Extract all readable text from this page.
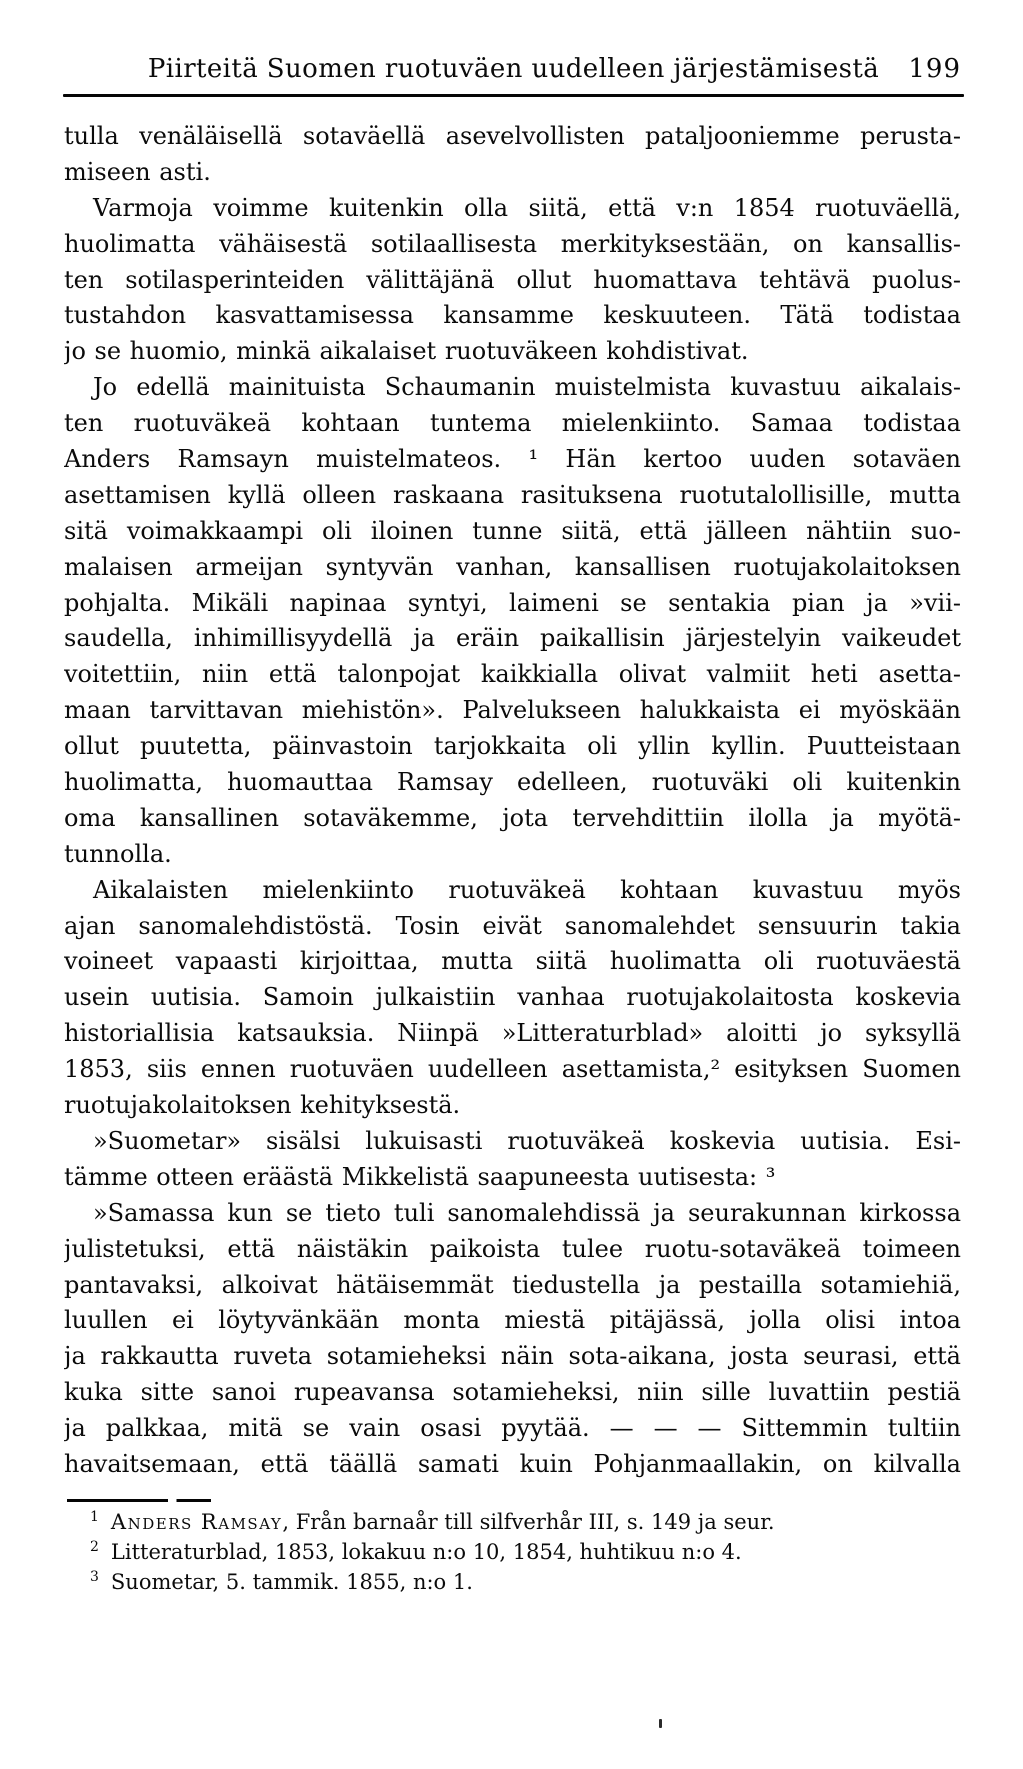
Piirteitä Suomen ruotuväen uudelleen järjestämisestä 199
tulla venäläisellä sotaväellä asevelvollisten pataljooniemme perusta-
miseen asti.
Varmoja voimme kuitenkin olla siitä, että v:n 1854 ruotuväellä,
huolimatta vähäisestä sotilaallisesta merkityksestään, on kansallis-
ten sotilasperinteiden välittäjänä ollut huomattava tehtävä puolus-
tustahdon kasvattamisessa kansamme keskuuteen. Tätä todistaa
jo se huomio, minkä aikalaiset ruotuväkeen kohdistivat.
Jo edellä mainituista Schaumanin muistelmista kuvastuu aikalais-
ten ruotuväkeä kohtaan tuntema mielenkiinto. Samaa todistaa
Anders Ramsayn muistelmateos. ¹ Hän kertoo uuden sotaväen
asettamisen kyllä olleen raskaana rasituksena ruotutalollisille, mutta
sitä voimakkaampi oli iloinen tunne siitä, että jälleen nähtiin suo-
malaisen armeijan syntyvän vanhan, kansallisen ruotujakolaitoksen
pohjalta. Mikäli napinaa syntyi, laimeni se sentakia pian ja »vii-
saudella, inhimillisyydellä ja eräin paikallisin järjestelyin vaikeudet
voitettiin, niin että talonpojat kaikkialla olivat valmiit heti asetta-
maan tarvittavan miehistön». Palvelukseen halukkaista ei myöskään
ollut puutetta, päinvastoin tarjokkaita oli yllin kyllin. Puutteistaan
huolimatta, huomauttaa Ramsay edelleen, ruotuväki oli kuitenkin
oma kansallinen sotaväkemme, jota tervehdittiin ilolla ja myötä-
tunnolla.
Aikalaisten mielenkiinto ruotuväkeä kohtaan kuvastuu myös
ajan sanomalehdistöstä. Tosin eivät sanomalehdet sensuurin takia
voineet vapaasti kirjoittaa, mutta siitä huolimatta oli ruotuväestä
usein uutisia. Samoin julkaistiin vanhaa ruotujakolaitosta koskevia
historiallisia katsauksia. Niinpä »Litteraturblad» aloitti jo syksyllä
1853, siis ennen ruotuväen uudelleen asettamista,² esityksen Suomen
ruotujakolaitoksen kehityksestä.
»Suometar» sisälsi lukuisasti ruotuväkeä koskevia uutisia. Esi-
tämme otteen eräästä Mikkelistä saapuneesta uutisesta: ³
»Samassa kun se tieto tuli sanomalehdissä ja seurakunnan kirkossa
julistetuksi, että näistäkin paikoista tulee ruotu-sotaväkeä toimeen
pantavaksi, alkoivat hätäisemmät tiedustella ja pestailla sotamiehiä,
luullen ei löytyvänkään monta miestä pitäjässä, jolla olisi intoa
ja rakkautta ruveta sotamieheksi näin sota-aikana, josta seurasi, että
kuka sitte sanoi rupeavansa sotamieheksi, niin sille luvattiin pestiä
ja palkkaa, mitä se vain osasi pyytää. — — — Sittemmin tultiin
havaitsemaan, että täällä samati kuin Pohjanmaallakin, on kilvalla
1 Anders Ramsay, Från barnaår till silfverhår III, s. 149 ja seur.
2 Litteraturblad, 1853, lokakuu n:o 10, 1854, huhtikuu n:o 4.
3 Suometar, 5. tammik. 1855, n:o 1.
